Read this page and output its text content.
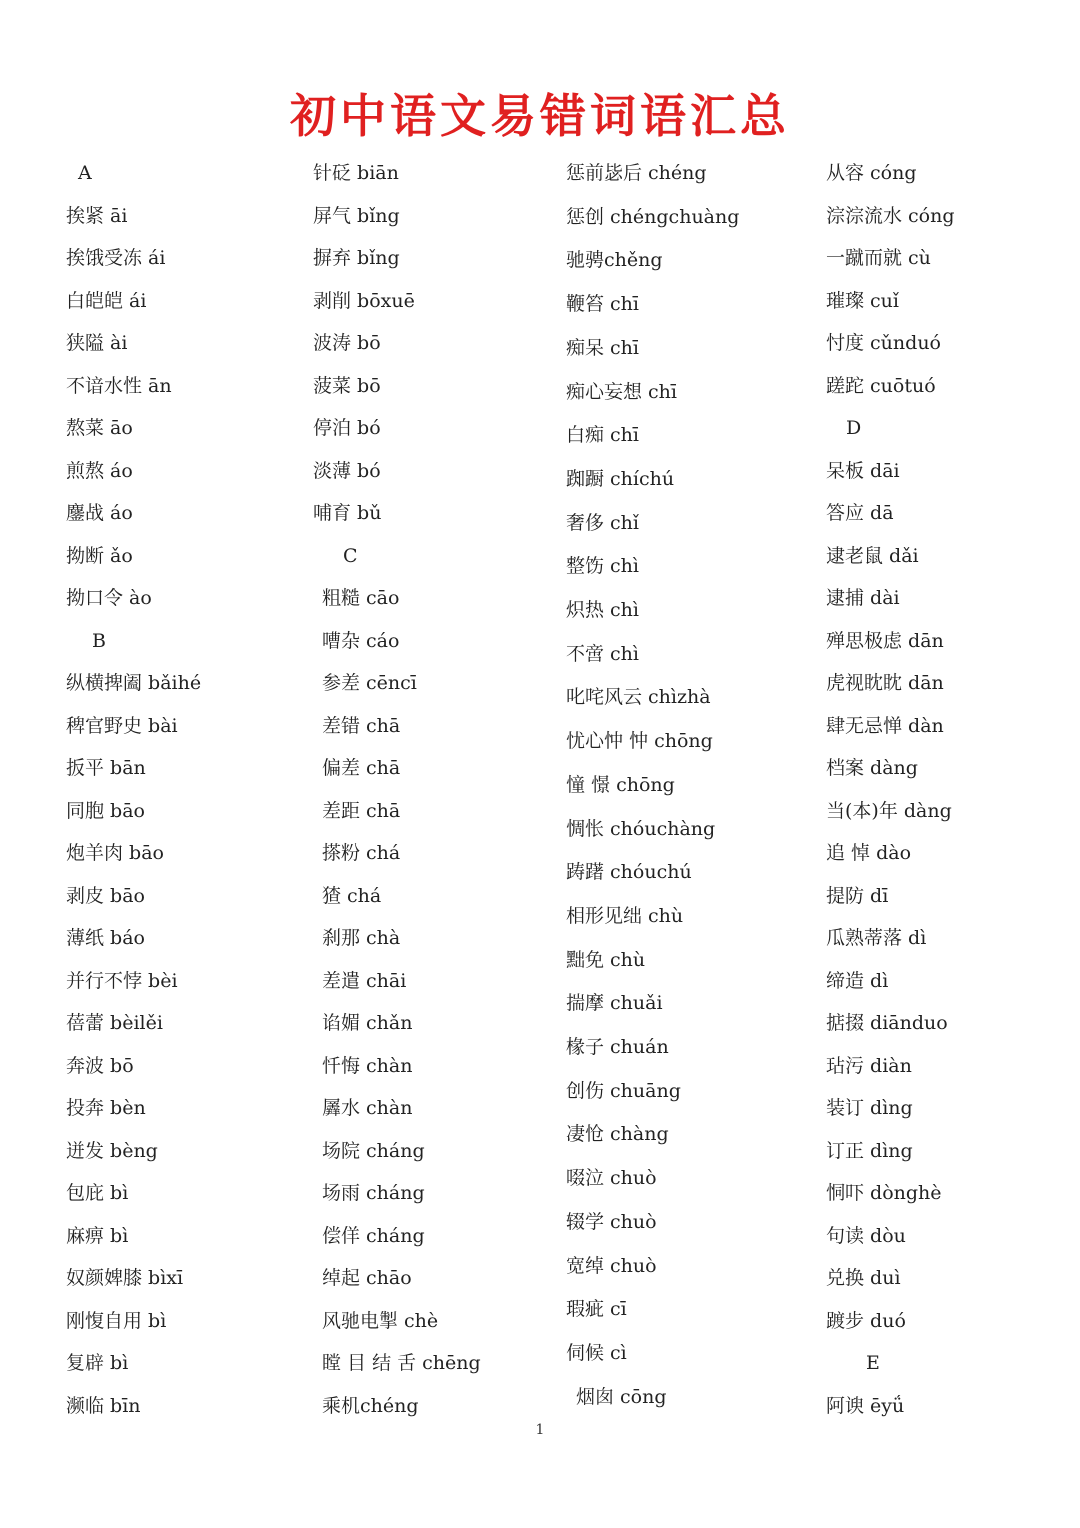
初中语文易错词语汇总
A
挨紧 āi
挨饿受冻 ái
白皑皑 ái
狭隘 ài
不谙水性 ān
熬菜 āo
煎熬 áo
鏖战 áo
拗断 ǎo
拗口令 ào
B
纵横捭阖 bǎihé
稗官野史 bài
扳平 bān
同胞 bāo
炮羊肉 bāo
剥皮 bāo
薄纸 báo
并行不悖 bèi
蓓蕾 bèilěi
奔波 bō
投奔 bèn
迸发 bèng
包庇 bì
麻痹 bì
奴颜婢膝 bìxī
刚愎自用 bì
复辟 bì
濒临 bīn
针砭 biān
屏气 bǐng
摒弃 bǐng
剥削 bōxuē
波涛 bō
菠菜 bō
停泊 bó
淡薄 bó
哺育 bǔ
C
粗糙 cāo
嘈杂 cáo
参差 cēncī
差错 chā
偏差 chā
差距 chā
搽粉 chá
猹 chá
刹那 chà
差遣 chāi
谄媚 chǎn
忏悔 chàn
羼水 chàn
场院 cháng
场雨 cháng
偿佯 cháng
绰起 chāo
风驰电掣 chè
瞠 目 结 舌 chēng
乘机chéng
惩前毖后 chéng
惩创 chéngchuàng
驰骋chěng
鞭笞 chī
痴呆 chī
痴心妄想 chī
白痴 chī
踟蹰 chíchú
奢侈 chǐ
整饬 chì
炽热 chì
不啻 chì
叱咤风云 chìzhà
忧心忡 忡 chōng
憧 憬 chōng
惆怅 chóuchàng
踌躇 chóuchú
相形见绌 chù
黜免 chù
揣摩 chuǎi
椽子 chuán
创伤 chuāng
凄怆 chàng
啜泣 chuò
辍学 chuò
宽绰 chuò
瑕疵 cī
伺候 cì
烟囱 cōng
从容 cóng
淙淙流水 cóng
一蹴而就 cù
璀璨 cuǐ
忖度 cǔnduó
蹉跎 cuōtuó
D
呆板 dāi
答应 dā
逮老鼠 dǎi
逮捕 dài
殚思极虑 dān
虎视眈眈 dān
肆无忌惮 dàn
档案 dàng
当(本)年 dàng
追 悼 dào
提防 dī
瓜熟蒂落 dì
缔造 dì
掂掇 diānduo
玷污 diàn
装订 dìng
订正 dìng
恫吓 dònghè
句读 dòu
兑换 duì
踱步 duó
E
阿谀 ēyǘ
1
